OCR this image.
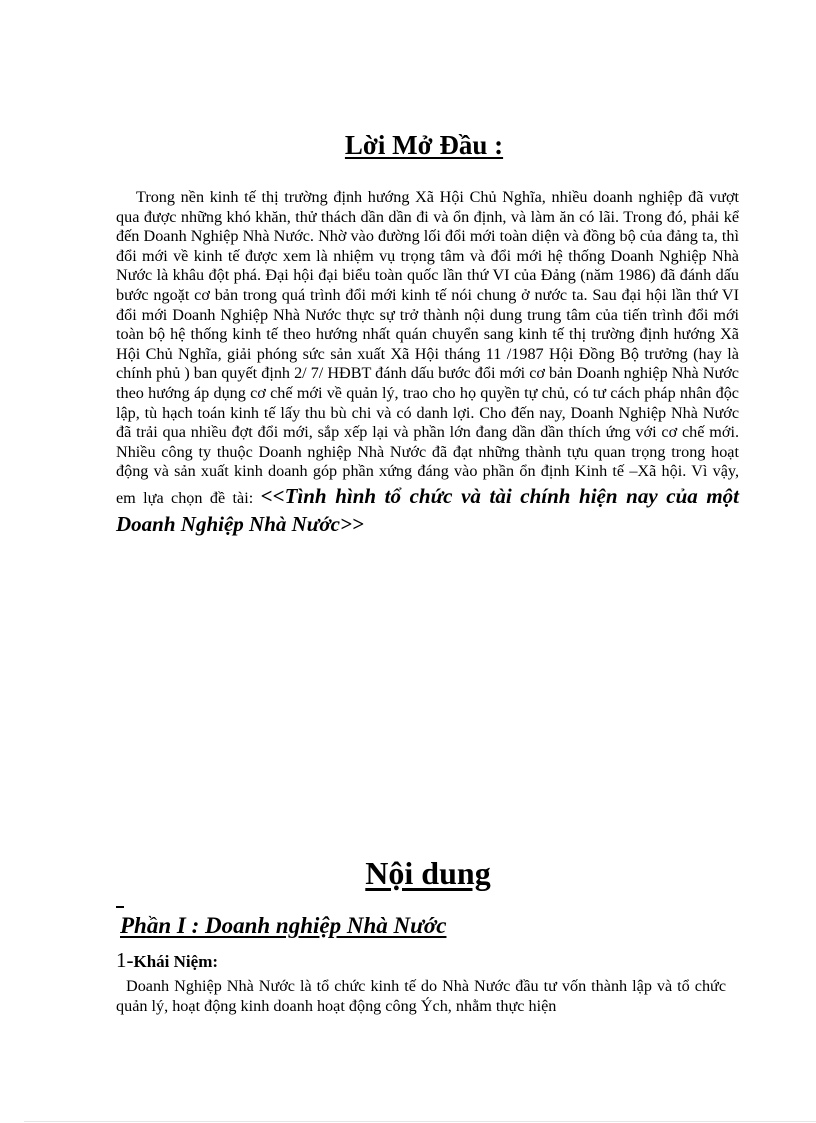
Lời Mở Đầu :

Trong nền kinh tế thị trường định hướng Xã Hội Chủ Nghĩa, nhiều doanh nghiệp đã vượt qua được những khó khăn, thử thách dần dần đi và ổn định, và làm ăn có lãi. Trong đó, phải kể đến Doanh Nghiệp Nhà Nước. Nhờ vào đường lối đổi mới toàn diện và đồng bộ của đảng ta, thì đổi mới về kinh tế được xem là nhiệm vụ trọng tâm và đổi mới hệ thống Doanh Nghiệp Nhà Nước là khâu đột phá. Đại hội đại biểu toàn quốc lần thứ VI của Đảng (năm 1986) đã đánh dấu bước ngoặt cơ bản trong quá trình đổi mới kinh tế nói chung ở nước ta. Sau đại hội lần thứ VI đổi mới Doanh Nghiệp Nhà Nước thực sự trở thành nội dung trung tâm của tiến trình đổi mới toàn bộ hệ thống kinh tế theo hướng nhất quán chuyển sang kinh tế thị trường định hướng Xã Hội Chủ Nghĩa, giải phóng sức sản xuất Xã Hội tháng 11 /1987 Hội Đồng Bộ trưởng (hay là chính phủ ) ban quyết định 2/ 7/ HĐBT đánh dấu bước đổi mới cơ bản Doanh nghiệp Nhà Nước theo hướng áp dụng cơ chế mới về quản lý, trao cho họ quyền tự chủ, có tư cách pháp nhân độc lập, tù hạch toán kinh tế lấy thu bù chi và có danh lợi. Cho đến nay, Doanh Nghiệp Nhà Nước đã trải qua nhiều đợt đổi mới, sắp xếp lại và phần lớn đang dần dần thích ứng với cơ chế mới. Nhiều công ty thuộc Doanh nghiệp Nhà Nước đã đạt những thành tựu quan trọng trong hoạt động và sản xuất kinh doanh góp phần xứng đáng vào phần ổn định Kinh tế –Xã hội. Vì vậy, em lựa chọn đề tài: <<Tình hình tổ chức và tài chính hiện nay của một Doanh Nghiệp Nhà Nước>>

Nội dung
Phần I : Doanh nghiệp Nhà Nước
1-Khái Niệm:

Doanh Nghiệp Nhà Nước là tổ chức kinh tế do Nhà Nước đầu tư vốn thành lập và tổ chức quản lý, hoạt động kinh doanh hoạt động công Ých, nhằm thực hiện
